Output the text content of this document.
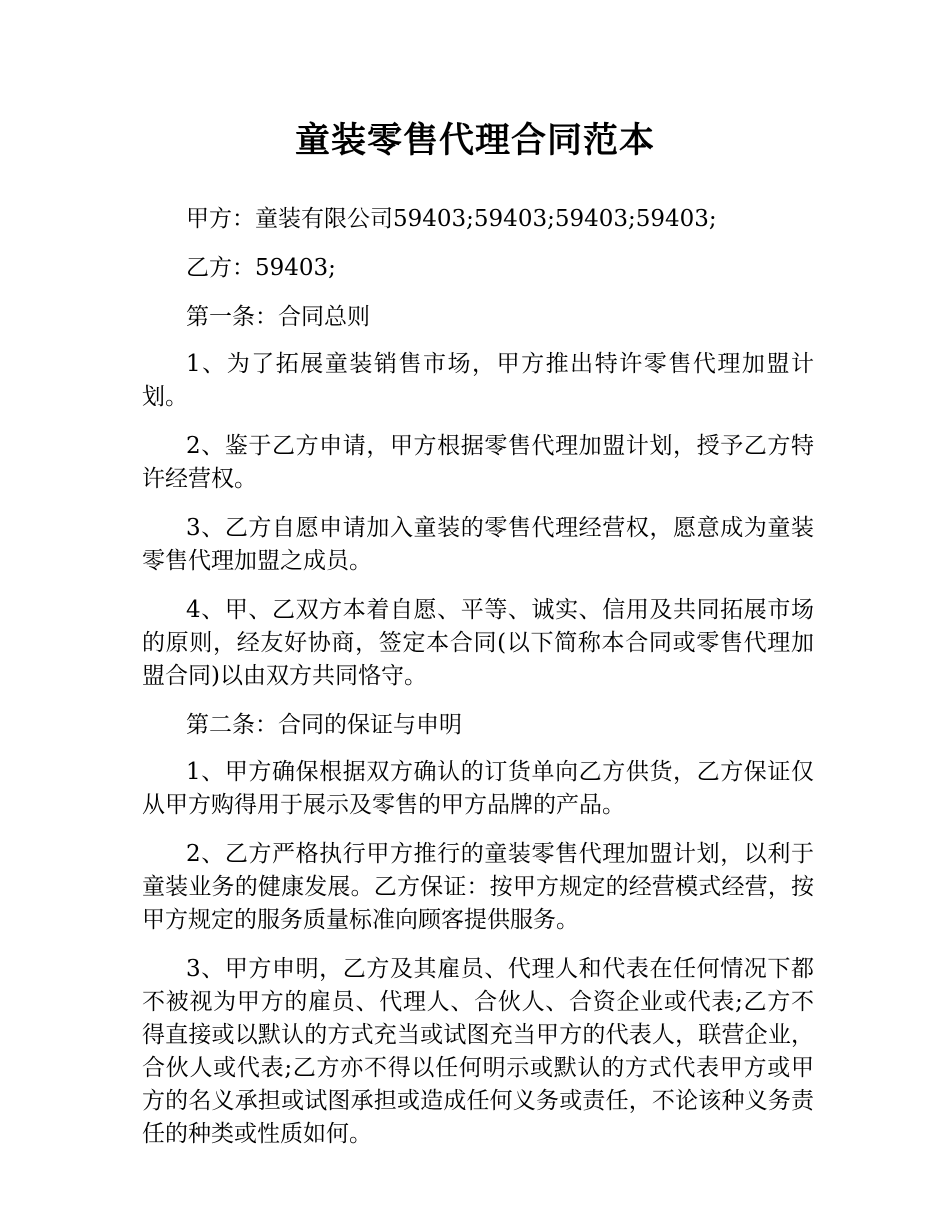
童装零售代理合同范本

甲方：童装有限公司59403;59403;59403;59403;

乙方：59403;

第一条：合同总则

1、为了拓展童装销售市场，甲方推出特许零售代理加盟计划。

2、鉴于乙方申请，甲方根据零售代理加盟计划，授予乙方特许经营权。

3、乙方自愿申请加入童装的零售代理经营权，愿意成为童装零售代理加盟之成员。

4、甲、乙双方本着自愿、平等、诚实、信用及共同拓展市场的原则，经友好协商，签定本合同(以下简称本合同或零售代理加盟合同)以由双方共同恪守。

第二条：合同的保证与申明

1、甲方确保根据双方确认的订货单向乙方供货，乙方保证仅从甲方购得用于展示及零售的甲方品牌的产品。

2、乙方严格执行甲方推行的童装零售代理加盟计划，以利于童装业务的健康发展。乙方保证：按甲方规定的经营模式经营，按甲方规定的服务质量标准向顾客提供服务。

3、甲方申明，乙方及其雇员、代理人和代表在任何情况下都不被视为甲方的雇员、代理人、合伙人、合资企业或代表;乙方不得直接或以默认的方式充当或试图充当甲方的代表人，联营企业，合伙人或代表;乙方亦不得以任何明示或默认的方式代表甲方或甲方的名义承担或试图承担或造成任何义务或责任，不论该种义务责任的种类或性质如何。
